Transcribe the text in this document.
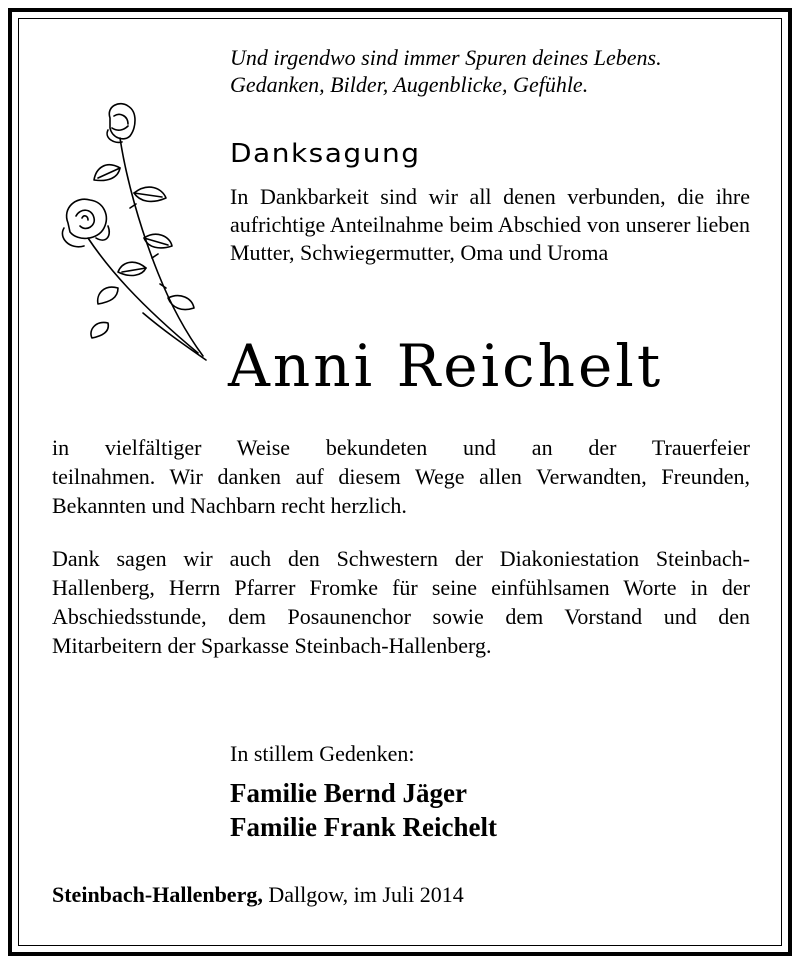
Und irgendwo sind immer Spuren deines Lebens.
Gedanken, Bilder, Augenblicke, Gefühle.
Danksagung
In Dankbarkeit sind wir all denen verbunden, die ihre aufrichtige Anteilnahme beim Abschied von unserer lieben Mutter, Schwiegermutter, Oma und Uroma
Anni Reichelt
in vielfältiger Weise bekundeten und an der Trauerfeier
teilnahmen. Wir danken auf diesem Wege allen Verwandten, Freunden, Bekannten und Nachbarn recht herzlich.
Dank sagen wir auch den Schwestern der Diakoniestation Steinbach-Hallenberg, Herrn Pfarrer Fromke für seine einfühlsamen Worte in der Abschiedsstunde, dem Posaunenchor sowie dem Vorstand und den Mitarbeitern der Sparkasse Steinbach-Hallenberg.
In stillem Gedenken:
Familie Bernd Jäger
Familie Frank Reichelt
Steinbach-Hallenberg, Dallgow, im Juli 2014
